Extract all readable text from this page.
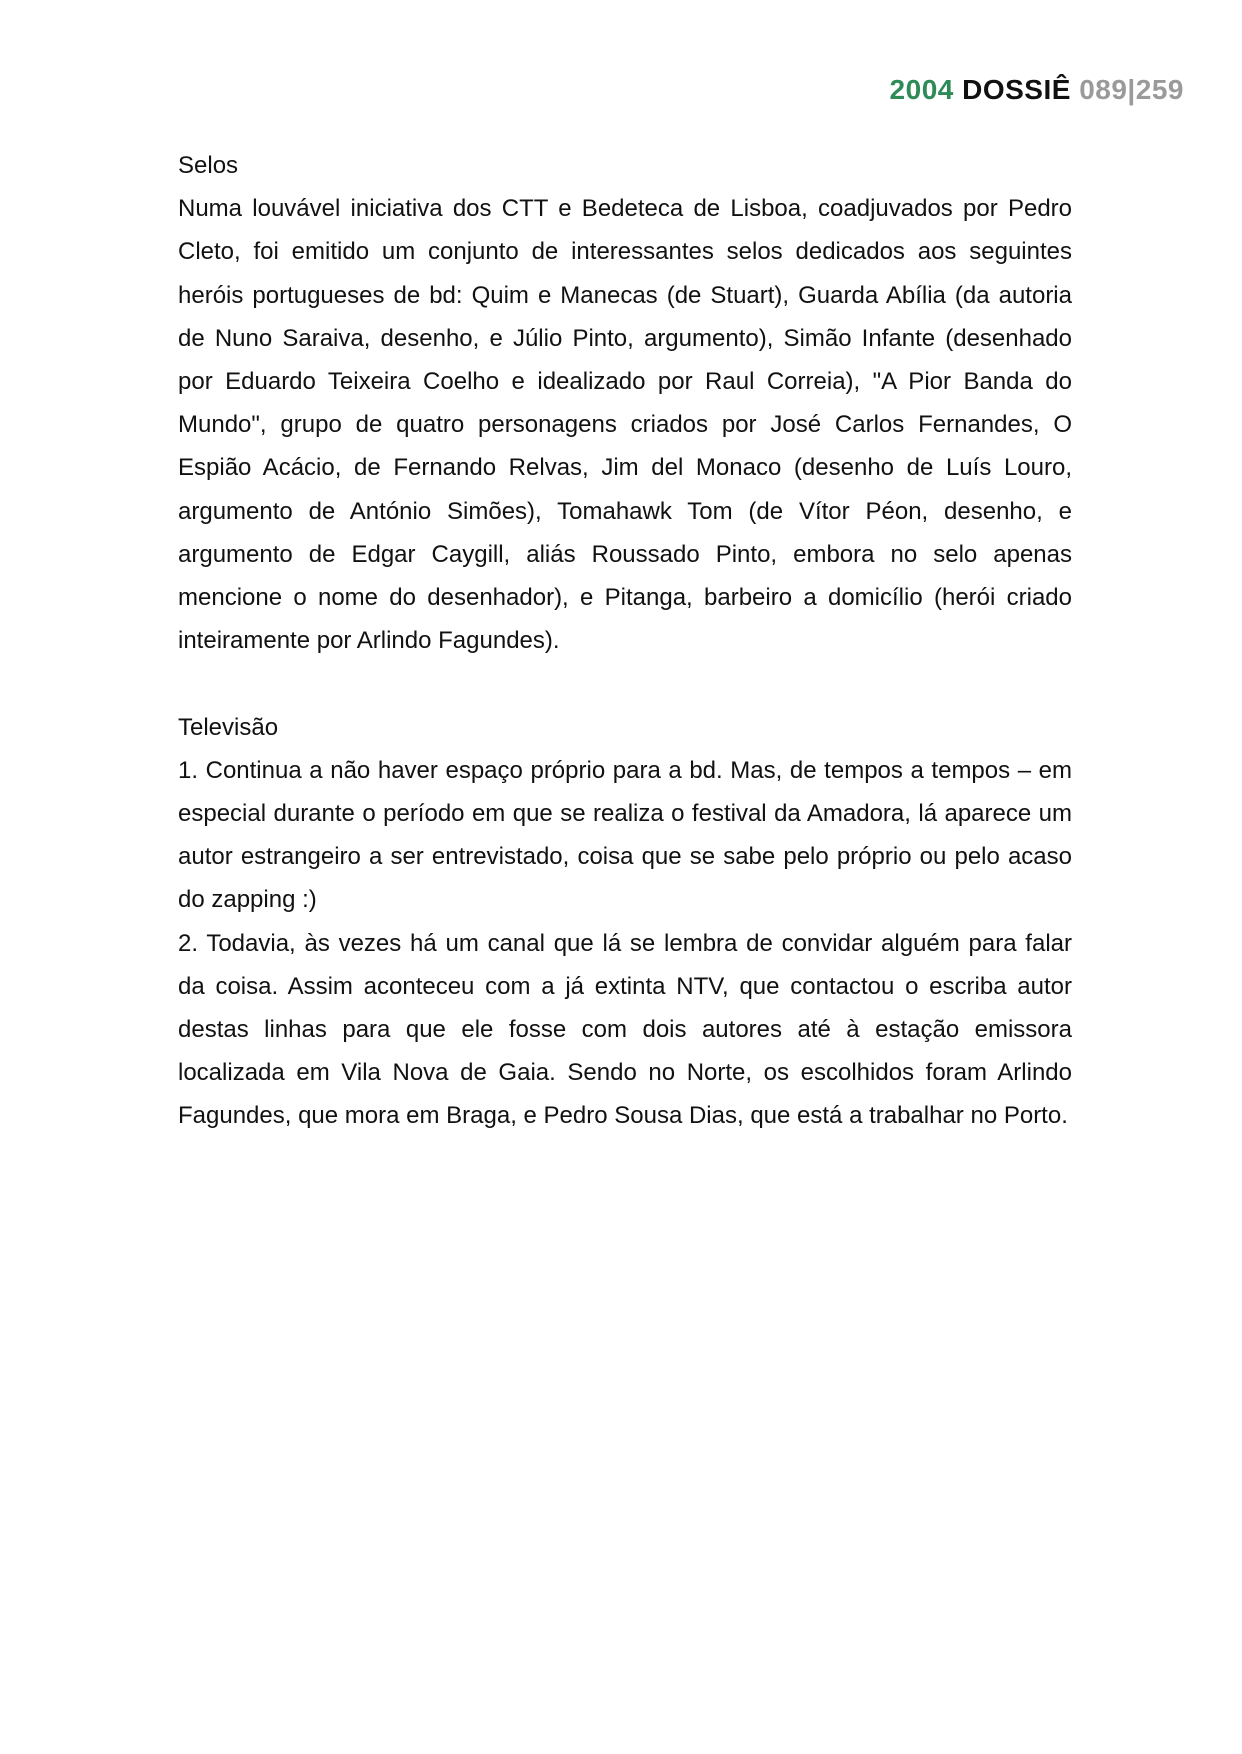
2004 DOSSIÊ 089|259
Selos

Numa louvável iniciativa dos CTT e Bedeteca de Lisboa, coadjuvados por Pedro Cleto, foi emitido um conjunto de interessantes selos dedicados aos seguintes heróis portugueses de bd: Quim e Manecas (de Stuart), Guarda Abília (da autoria de Nuno Saraiva, desenho, e Júlio Pinto, argumento), Simão Infante (desenhado por Eduardo Teixeira Coelho e idealizado por Raul Correia), "A Pior Banda do Mundo", grupo de quatro personagens criados por José Carlos Fernandes, O Espião Acácio, de Fernando Relvas, Jim del Monaco (desenho de Luís Louro, argumento de António Simões), Tomahawk Tom (de Vítor Péon, desenho, e argumento de Edgar Caygill, aliás Roussado Pinto, embora no selo apenas mencione o nome do desenhador), e Pitanga, barbeiro a domicílio (herói criado inteiramente por Arlindo Fagundes).

Televisão

1. Continua a não haver espaço próprio para a bd. Mas, de tempos a tempos – em especial durante o período em que se realiza o festival da Amadora, lá aparece um autor estrangeiro a ser entrevistado, coisa que se sabe pelo próprio ou pelo acaso do zapping :)

2. Todavia, às vezes há um canal que lá se lembra de convidar alguém para falar da coisa. Assim aconteceu com a já extinta NTV, que contactou o escriba autor destas linhas para que ele fosse com dois autores até à estação emissora localizada em Vila Nova de Gaia. Sendo no Norte, os escolhidos foram Arlindo Fagundes, que mora em Braga, e Pedro Sousa Dias, que está a trabalhar no Porto.
